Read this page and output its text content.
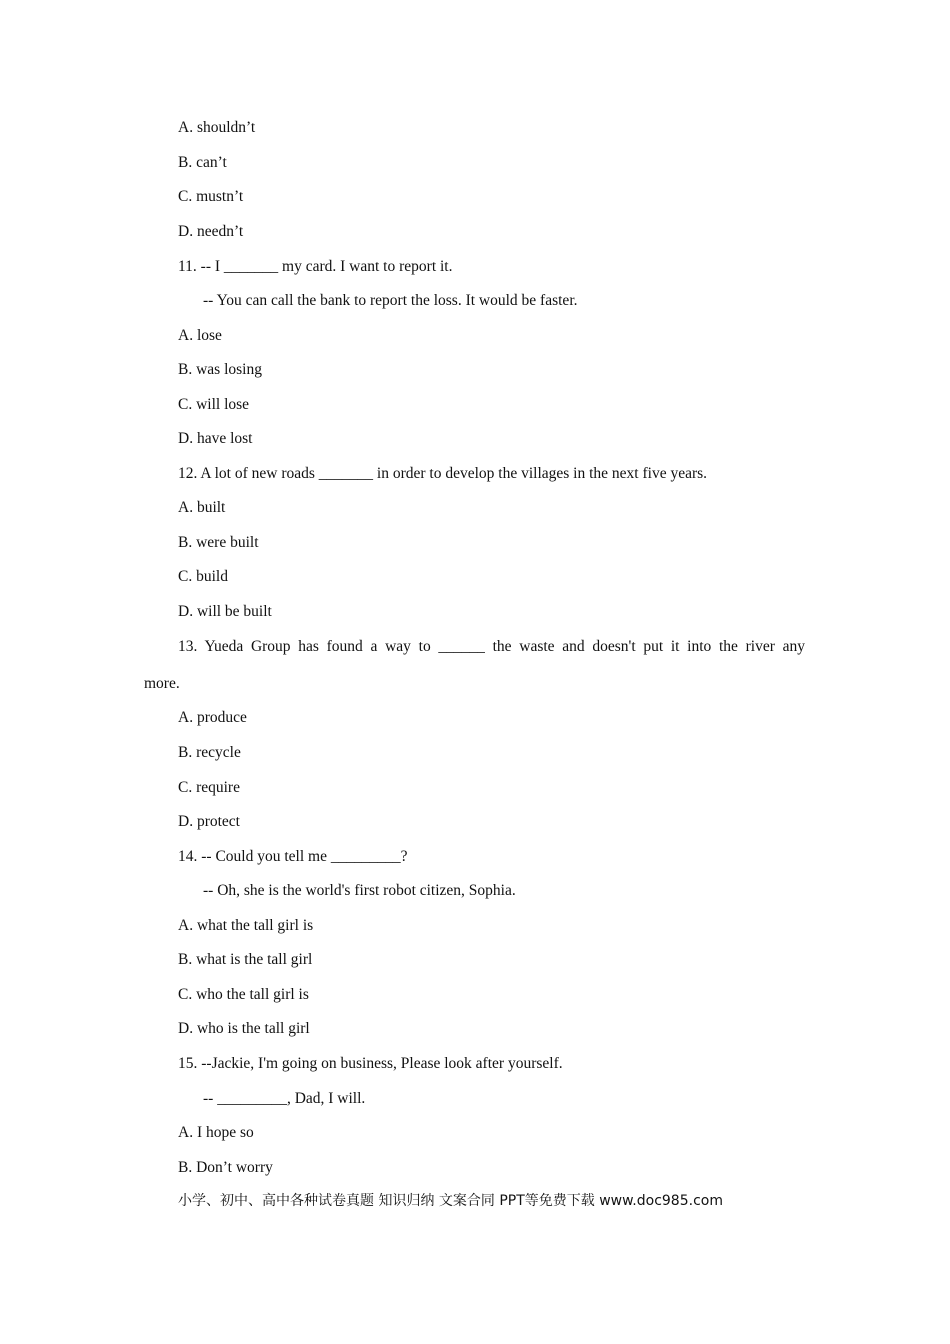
A. shouldn’t
B. can’t
C. mustn’t
D. needn’t
11. -- I _______ my card. I want to report it.
-- You can call the bank to report the loss. It would be faster.
A. lose
B. was losing
C. will lose
D. have lost
12. A lot of new roads _______ in order to develop the villages in the next five years.
A. built
B. were built
C. build
D. will be built
13. Yueda Group has found a way to ______ the waste and doesn't put it into the river any
more.
A. produce
B. recycle
C. require
D. protect
14. -- Could you tell me _________?
-- Oh, she is the world's first robot citizen, Sophia.
A. what the tall girl is
B. what is the tall girl
C. who the tall girl is
D. who is the tall girl
15. --Jackie, I'm going on business, Please look after yourself.
-- _________, Dad, I will.
A. I hope so
B. Don’t worry
小学、初中、高中各种试卷真题 知识归纳 文案合同 PPT等免费下载 www.doc985.com
